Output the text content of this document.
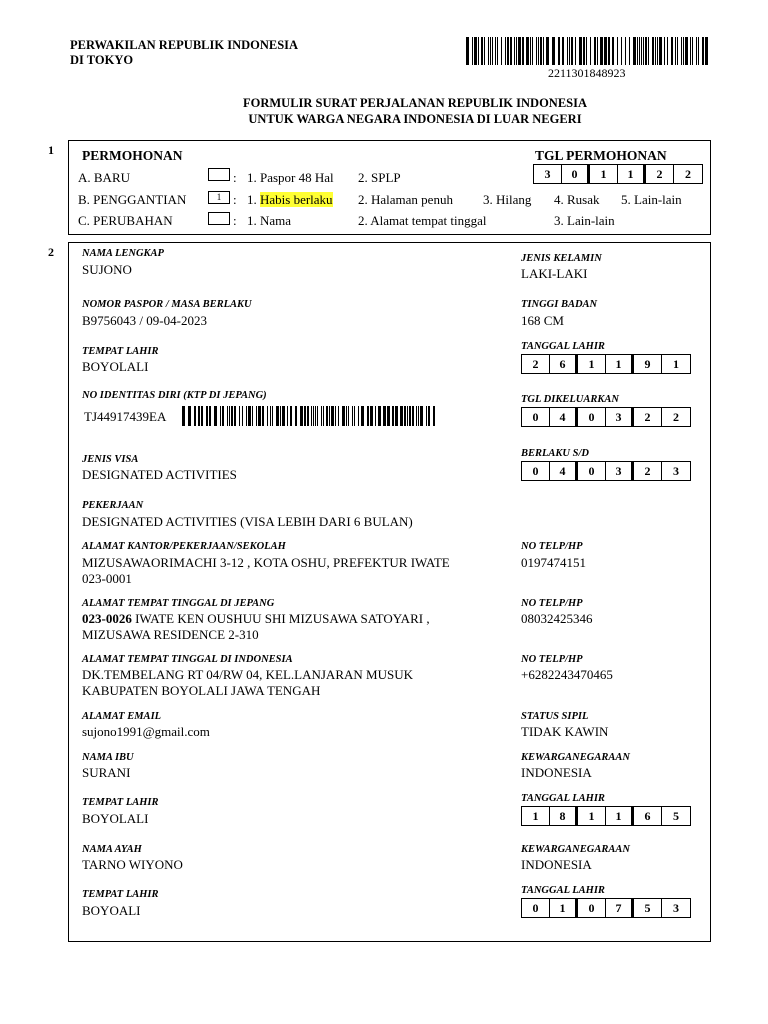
PERWAKILAN REPUBLIK INDONESIA
DI TOKYO
2211301848923
FORMULIR SURAT PERJALANAN REPUBLIK INDONESIA
UNTUK WARGA NEGARA INDONESIA DI LUAR NEGERI
1 PERMOHONAN	TGL PERMOHONAN
3	0	1	1	2	2
A. BARU	: 1. Paspor 48 Hal 2. SPLP
B. PENGGANTIAN	1 : 1. Habis berlaku 2. Halaman penuh 3. Hilang 4. Rusak 5. Lain-lain
C. PERUBAHAN	: 1. Nama	2. Alamat tempat tinggal	3. Lain-lain
2	NAMA LENGKAP
SUJONO
NOMOR PASPOR / MASA BERLAKU
B9756043 / 09-04-2023
TEMPAT LAHIR
BOYOLALI
NO IDENTITAS DIRI (KTP DI JEPANG)
TJ44917439EA
JENIS VISA
DESIGNATED ACTIVITIES
PEKERJAAN
DESIGNATED ACTIVITIES (VISA LEBIH DARI 6 BULAN)
ALAMAT KANTOR/PEKERJAAN/SEKOLAH
MIZUSAWAORIMACHI 3-12 , KOTA OSHU, PREFEKTUR IWATE
023-0001
ALAMAT TEMPAT TINGGAL DI JEPANG
023-0026 IWATE KEN OUSHUU SHI MIZUSAWA SATOYARI ,
MIZUSAWA RESIDENCE 2-310
ALAMAT TEMPAT TINGGAL DI INDONESIA
DK.TEMBELANG RT 04/RW 04, KEL.LANJARAN MUSUK
KABUPATEN BOYOLALI JAWA TENGAH
ALAMAT EMAIL
sujono1991@gmail.com
NAMA IBU
SURANI
TEMPAT LAHIR
BOYOLALI
NAMA AYAH
TARNO WIYONO
TEMPAT LAHIR
BOYOALI
JENIS KELAMIN
LAKI-LAKI
TINGGI BADAN
168 CM
TANGGAL LAHIR
2	6	1	1	9	1
TGL DIKELUARKAN
0	4	0	3	2	2
BERLAKU S/D
0	4	0	3	2	3
NO TELP/HP
0197474151
NO TELP/HP
08032425346
NO TELP/HP
+6282243470465
STATUS SIPIL
TIDAK KAWIN
KEWARGANEGARAAN
INDONESIA
TANGGAL LAHIR
1	8	1	1	6	5
KEWARGANEGARAAN
INDONESIA
TANGGAL LAHIR
0	1	0	7	5	3
